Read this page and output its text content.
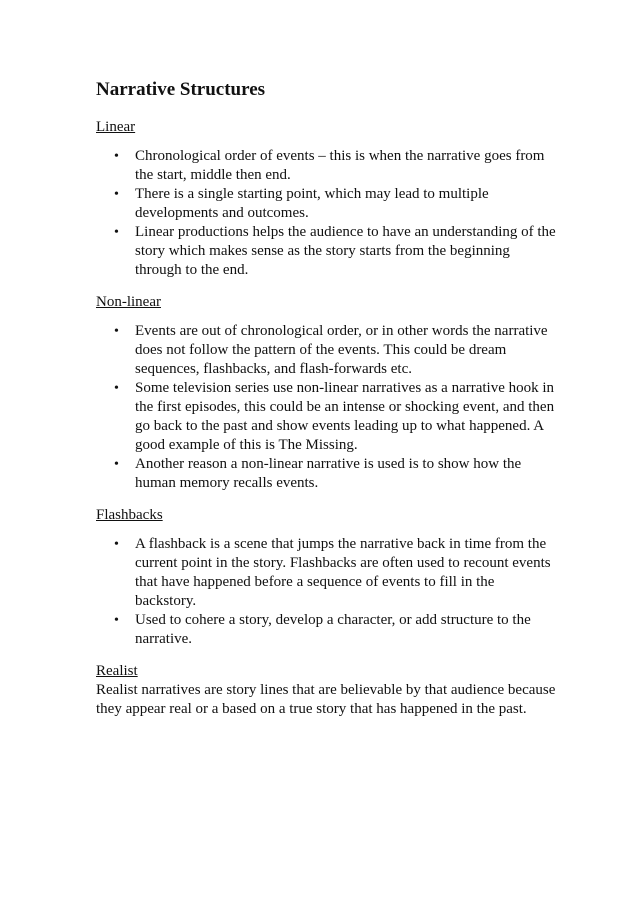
Narrative Structures
Linear
• Chronological order of events – this is when the narrative goes from the start, middle then end.
• There is a single starting point, which may lead to multiple developments and outcomes.
• Linear productions helps the audience to have an understanding of the story which makes sense as the story starts from the beginning through to the end.
Non-linear
• Events are out of chronological order, or in other words the narrative does not follow the pattern of the events. This could be dream sequences, flashbacks, and flash-forwards etc.
• Some television series use non-linear narratives as a narrative hook in the first episodes, this could be an intense or shocking event, and then go back to the past and show events leading up to what happened. A good example of this is The Missing.
• Another reason a non-linear narrative is used is to show how the human memory recalls events.
Flashbacks
• A flashback is a scene that jumps the narrative back in time from the current point in the story. Flashbacks are often used to recount events that have happened before a sequence of events to fill in the backstory.
• Used to cohere a story, develop a character, or add structure to the narrative.
Realist

Realist narratives are story lines that are believable by that audience because they appear real or a based on a true story that has happened in the past.
